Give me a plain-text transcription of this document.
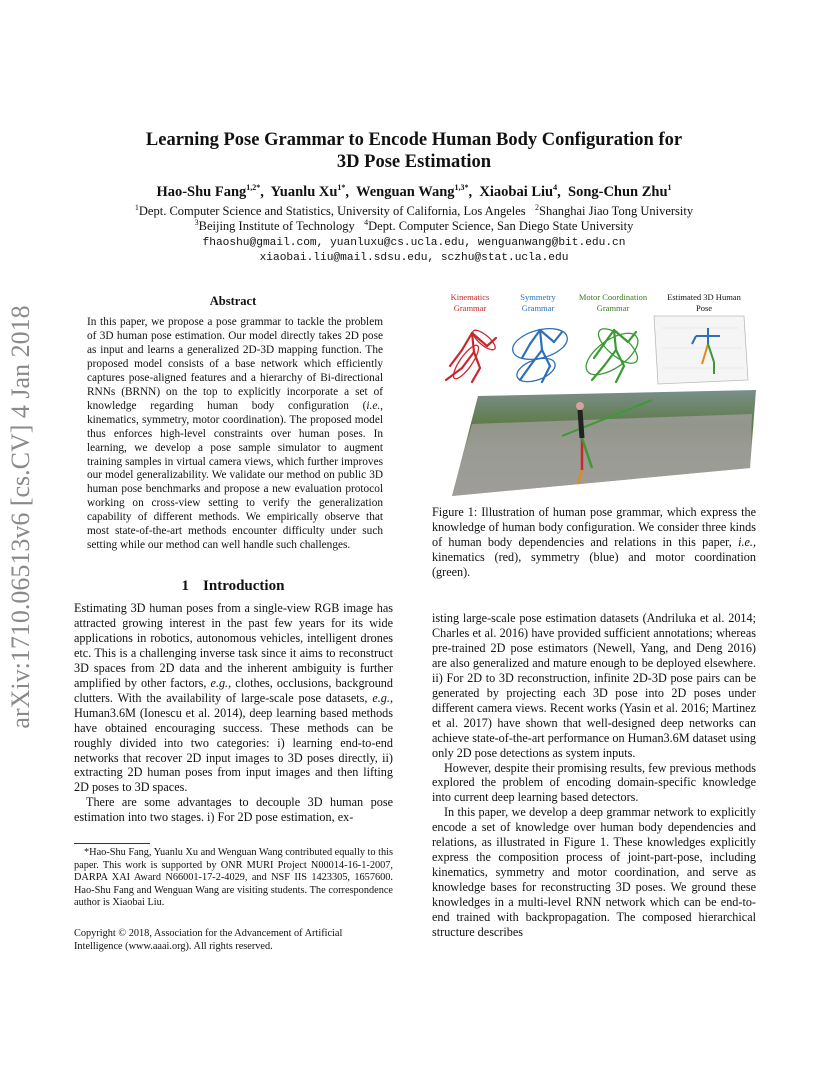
arXiv:1710.06513v6 [cs.CV] 4 Jan 2018
Learning Pose Grammar to Encode Human Body Configuration for
3D Pose Estimation
Hao-Shu Fang$^{1,2*}$,  Yuanlu $Xu^{1*}$,  Wenguan Wang$^{1,3*}$,  Xiaobai Liu$^4$,  Song-Chun Zhu$^1$
$^1$Dept. Computer Science and Statistics, University of California, Los Angeles $^2$Shanghai Jiao Tong University
$^3$Beijing Institute of Technology $^4$Dept. Computer Science, San Diego State University
fhaoshu@gmail.com, yuanluxu@cs.ucla.edu, wenguanwang@bit.edu.cn
xiaobai.liu@mail.sdsu.edu, sczhu@stat.ucla.edu
Abstract
In this paper, we propose a pose grammar to tackle the problem of 3D human pose estimation. Our model directly takes 2D pose as input and learns a generalized 2D-3D mapping function. The proposed model consists of a base network which efficiently captures pose-aligned features and a hierarchy of Bi-directional RNNs (BRNN) on the top to explicitly incorporate a set of knowledge regarding human body configuration (i.e., kinematics, symmetry, motor coordination). The proposed model thus enforces high-level constraints over human poses. In learning, we develop a pose sample simulator to augment training samples in virtual camera views, which further improves our model generalizability. We validate our method on public 3D human pose benchmarks and propose a new evaluation protocol working on cross-view setting to verify the generalization capability of different methods. We empirically observe that most state-of-the-art methods encounter difficulty under such setting while our method can well handle such challenges.
1 Introduction

Estimating 3D human poses from a single-view RGB image has attracted growing interest in the past few years for its wide applications in robotics, autonomous vehicles, intelligent drones etc. This is a challenging inverse task since it aims to reconstruct 3D spaces from 2D data and the inherent ambiguity is further amplified by other factors, e.g., clothes, occlusions, background clutters. With the availability of large-scale pose datasets, e.g., Human3.6M (Ionescu et al. 2014), deep learning based methods have obtained encouraging success. These methods can be roughly divided into two categories: i) learning end-to-end networks that recover 2D input images to 3D poses directly, ii) extracting 2D human poses from input images and then lifting 2D poses to 3D spaces.

There are some advantages to decouple 3D human pose estimation into two stages. i) For 2D pose estimation, ex-

*Hao-Shu Fang, Yuanlu Xu and Wenguan Wang contributed equally to this paper. This work is supported by ONR MURI Project N00014-16-1-2007, DARPA XAI Award N66001-17-2-4029, and NSF IIS 1423305, 1657600. Hao-Shu Fang and Wenguan Wang are visiting students. The correspondence author is Xiaobai Liu.

Copyright © 2018, Association for the Advancement of Artificial Intelligence (www.aaai.org). All rights reserved.
Kinematics
Grammar
Symmetry
Grammar
Motor Coordination
Grammar
Estimated 3D Human
Pose
Figure 1: Illustration of human pose grammar, which express the knowledge of human body configuration. We consider three kinds of human body dependencies and relations in this paper, i.e., kinematics (red), symmetry (blue) and motor coordination (green).

isting large-scale pose estimation datasets (Andriluka et al. 2014; Charles et al. 2016) have provided sufficient annotations; whereas pre-trained 2D pose estimators (Newell, Yang, and Deng 2016) are also generalized and mature enough to be deployed elsewhere. ii) For 2D to 3D reconstruction, infinite 2D-3D pose pairs can be generated by projecting each 3D pose into 2D poses under different camera views. Recent works (Yasin et al. 2016; Martinez et al. 2017) have shown that well-designed deep networks can achieve state-of-the-art performance on Human3.6M dataset using only 2D pose detections as system inputs.

However, despite their promising results, few previous methods explored the problem of encoding domain-specific knowledge into current deep learning based detectors.

In this paper, we develop a deep grammar network to explicitly encode a set of knowledge over human body dependencies and relations, as illustrated in Figure 1. These knowledges explicitly express the composition process of joint-part-pose, including kinematics, symmetry and motor coordination, and serve as knowledge bases for reconstructing 3D poses. We ground these knowledges in a multi-level RNN network which can be end-to-end trained with backpropagation. The composed hierarchical structure describes
